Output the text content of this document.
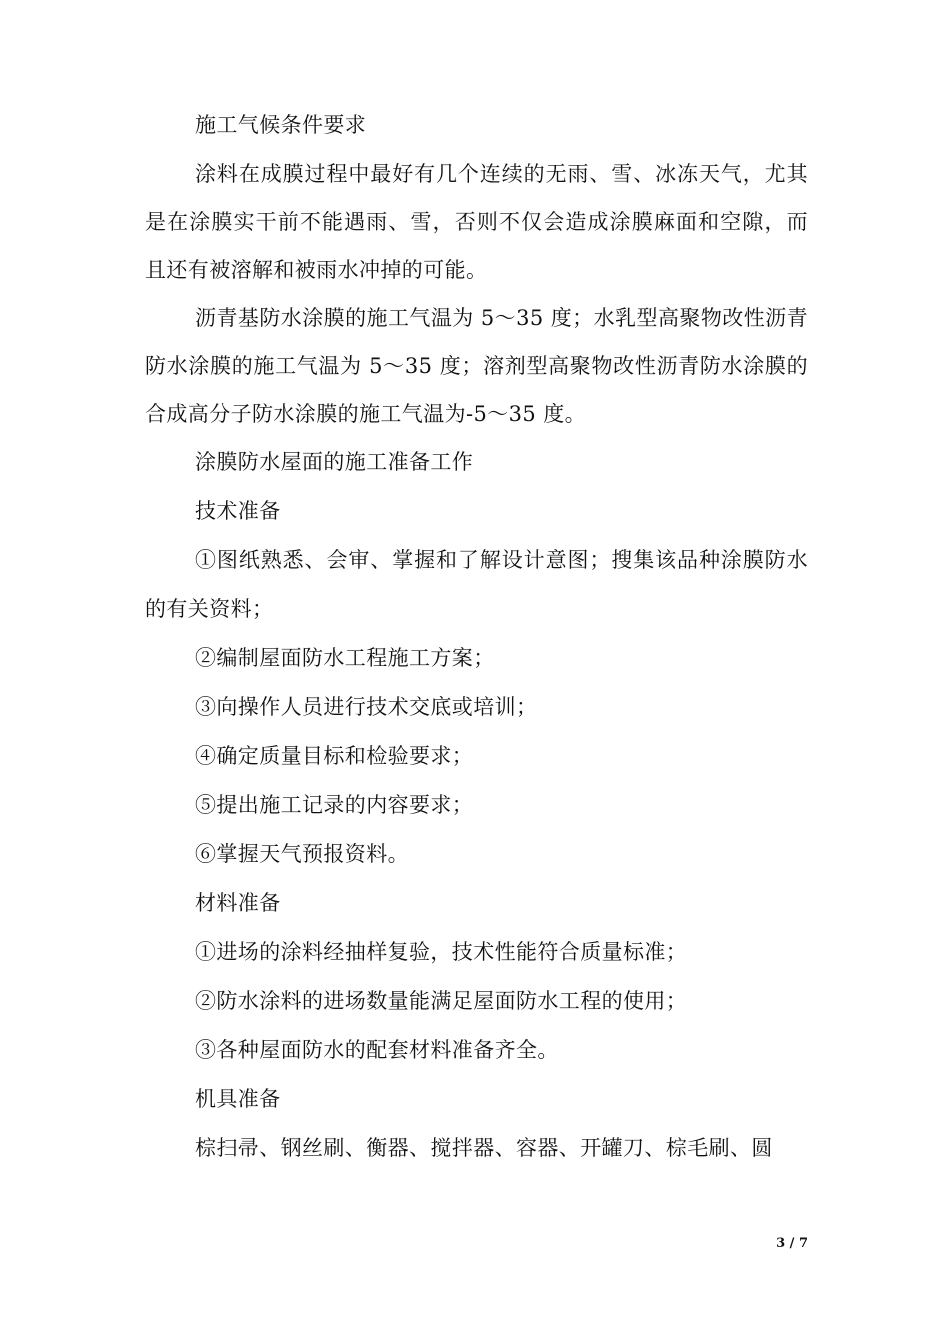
施工气候条件要求

涂料在成膜过程中最好有几个连续的无雨、雪、冰冻天气，尤其是在涂膜实干前不能遇雨、雪，否则不仅会造成涂膜麻面和空隙，而且还有被溶解和被雨水冲掉的可能。

沥青基防水涂膜的施工气温为 5～35 度；水乳型高聚物改性沥青防水涂膜的施工气温为 5～35 度；溶剂型高聚物改性沥青防水涂膜的合成高分子防水涂膜的施工气温为-5～35 度。

涂膜防水屋面的施工准备工作

技术准备

①图纸熟悉、会审、掌握和了解设计意图；搜集该品种涂膜防水的有关资料；

②编制屋面防水工程施工方案；

③向操作人员进行技术交底或培训；

④确定质量目标和检验要求；

⑤提出施工记录的内容要求；

⑥掌握天气预报资料。

材料准备

①进场的涂料经抽样复验，技术性能符合质量标准；

②防水涂料的进场数量能满足屋面防水工程的使用；

③各种屋面防水的配套材料准备齐全。

机具准备

棕扫帚、钢丝刷、衡器、搅拌器、容器、开罐刀、棕毛刷、圆

3 / 7
